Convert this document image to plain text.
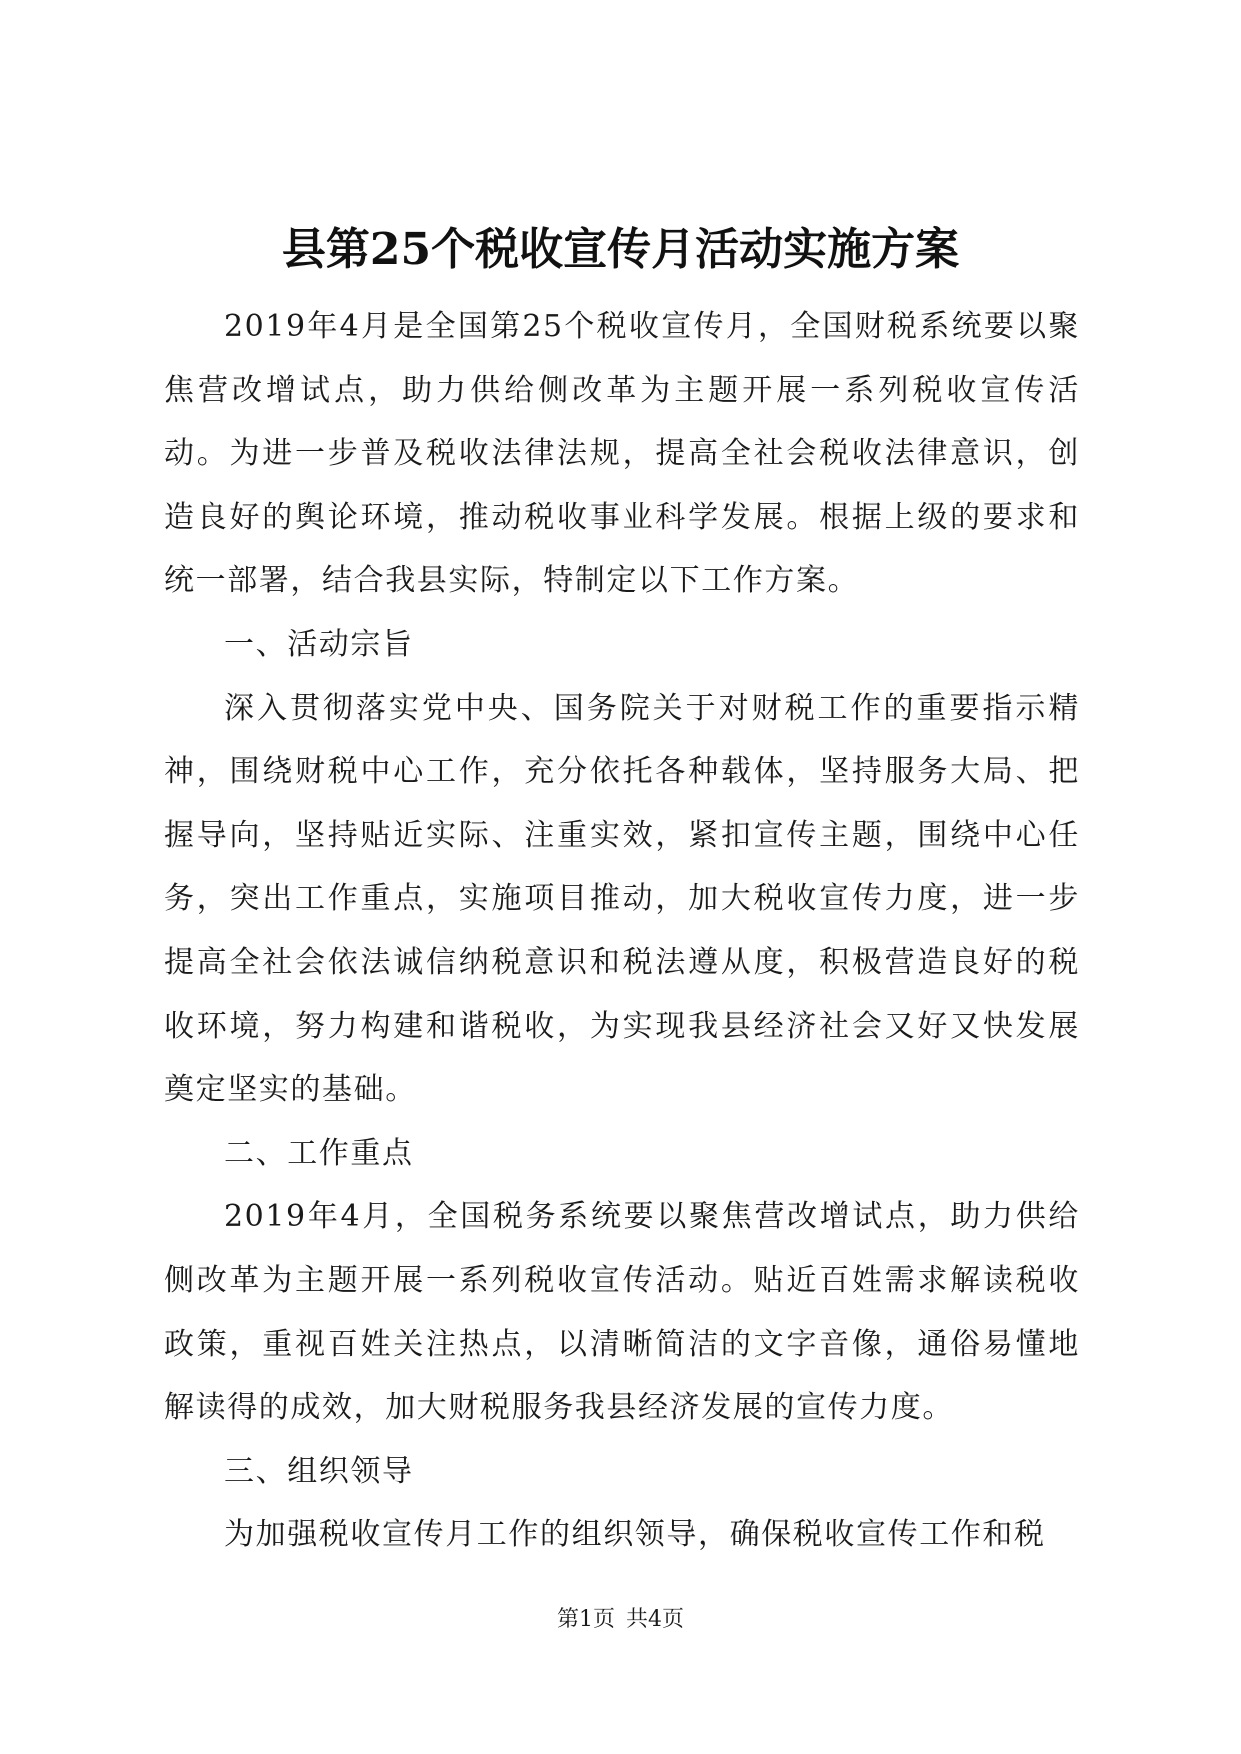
县第25个税收宣传月活动实施方案

2019年4月是全国第25个税收宣传月，全国财税系统要以聚焦营改增试点，助力供给侧改革为主题开展一系列税收宣传活动。为进一步普及税收法律法规，提高全社会税收法律意识，创造良好的舆论环境，推动税收事业科学发展。根据上级的要求和统一部署，结合我县实际，特制定以下工作方案。

一、活动宗旨

深入贯彻落实党中央、国务院关于对财税工作的重要指示精神，围绕财税中心工作，充分依托各种载体，坚持服务大局、把握导向，坚持贴近实际、注重实效，紧扣宣传主题，围绕中心任务，突出工作重点，实施项目推动，加大税收宣传力度，进一步提高全社会依法诚信纳税意识和税法遵从度，积极营造良好的税收环境，努力构建和谐税收，为实现我县经济社会又好又快发展奠定坚实的基础。

二、工作重点

2019年4月，全国税务系统要以聚焦营改增试点，助力供给侧改革为主题开展一系列税收宣传活动。贴近百姓需求解读税收政策，重视百姓关注热点，以清晰简洁的文字音像，通俗易懂地解读得的成效，加大财税服务我县经济发展的宣传力度。

三、组织领导

为加强税收宣传月工作的组织领导，确保税收宣传工作和税

第1页 共4页
